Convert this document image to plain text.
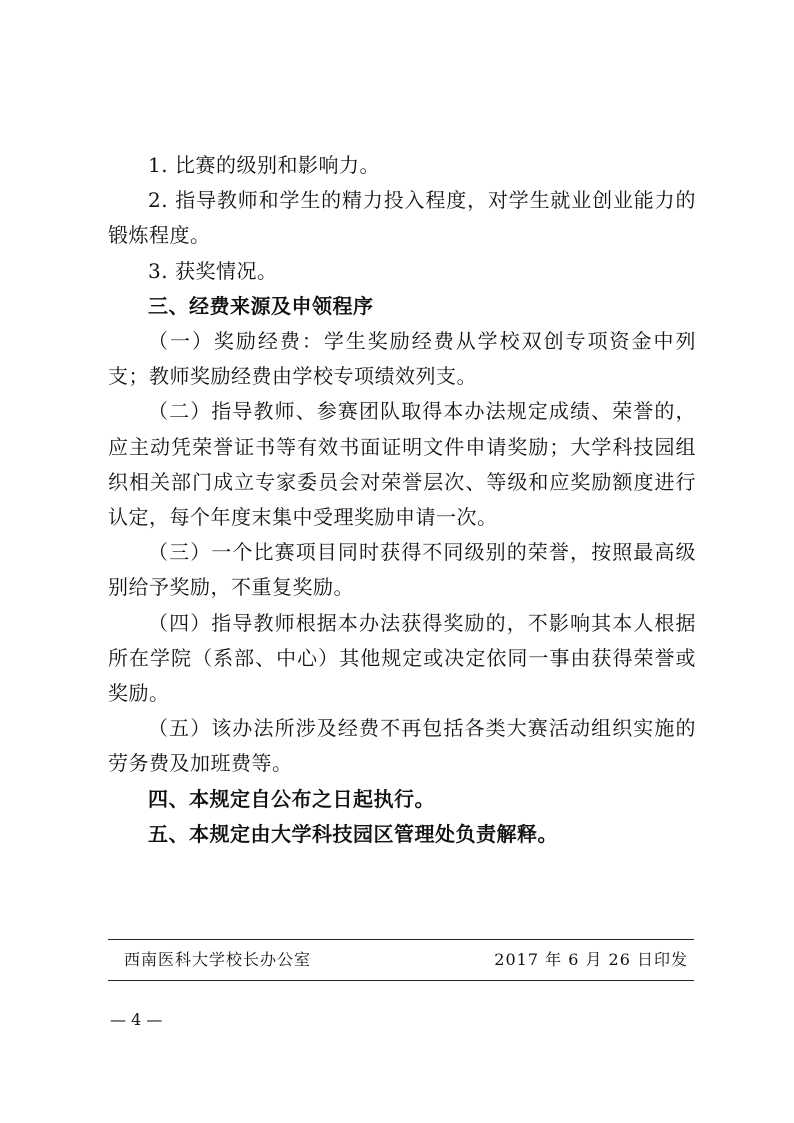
1. 比赛的级别和影响力。

2. 指导教师和学生的精力投入程度，对学生就业创业能力的锻炼程度。

3. 获奖情况。

三、经费来源及申领程序

（一）奖励经费：学生奖励经费从学校双创专项资金中列支；教师奖励经费由学校专项绩效列支。

（二）指导教师、参赛团队取得本办法规定成绩、荣誉的，应主动凭荣誉证书等有效书面证明文件申请奖励；大学科技园组织相关部门成立专家委员会对荣誉层次、等级和应奖励额度进行认定，每个年度末集中受理奖励申请一次。

（三）一个比赛项目同时获得不同级别的荣誉，按照最高级别给予奖励，不重复奖励。

（四）指导教师根据本办法获得奖励的，不影响其本人根据所在学院（系部、中心）其他规定或决定依同一事由获得荣誉或奖励。

（五）该办法所涉及经费不再包括各类大赛活动组织实施的劳务费及加班费等。

四、本规定自公布之日起执行。

五、本规定由大学科技园区管理处负责解释。

西南医科大学校长办公室	2017 年 6 月 26 日印发
— 4 —
